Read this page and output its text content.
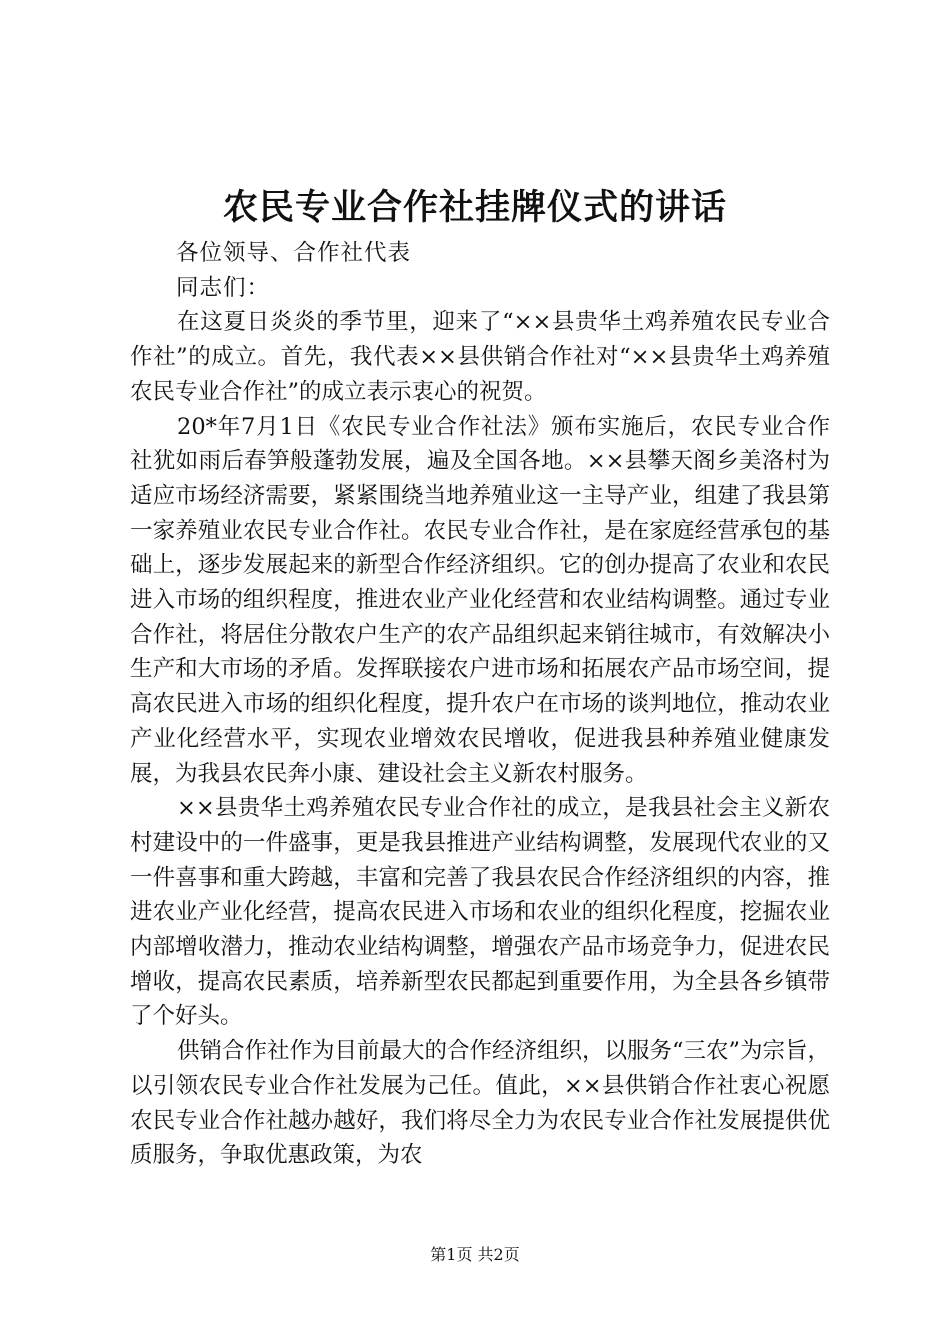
农民专业合作社挂牌仪式的讲话

各位领导、合作社代表

同志们：

在这夏日炎炎的季节里，迎来了“××县贵华土鸡养殖农民专业合作社”的成立。首先，我代表××县供销合作社对“××县贵华土鸡养殖农民专业合作社”的成立表示衷心的祝贺。

20*年7月1日《农民专业合作社法》颁布实施后，农民专业合作社犹如雨后春笋般蓬勃发展，遍及全国各地。××县攀天阁乡美洛村为适应市场经济需要，紧紧围绕当地养殖业这一主导产业，组建了我县第一家养殖业农民专业合作社。农民专业合作社，是在家庭经营承包的基础上，逐步发展起来的新型合作经济组织。它的创办提高了农业和农民进入市场的组织程度，推进农业产业化经营和农业结构调整。通过专业合作社，将居住分散农户生产的农产品组织起来销往城市，有效解决小生产和大市场的矛盾。发挥联接农户进市场和拓展农产品市场空间，提高农民进入市场的组织化程度，提升农户在市场的谈判地位，推动农业产业化经营水平，实现农业增效农民增收，促进我县种养殖业健康发展，为我县农民奔小康、建设社会主义新农村服务。

××县贵华土鸡养殖农民专业合作社的成立，是我县社会主义新农村建设中的一件盛事，更是我县推进产业结构调整，发展现代农业的又一件喜事和重大跨越，丰富和完善了我县农民合作经济组织的内容，推进农业产业化经营，提高农民进入市场和农业的组织化程度，挖掘农业内部增收潜力，推动农业结构调整，增强农产品市场竞争力，促进农民增收，提高农民素质，培养新型农民都起到重要作用，为全县各乡镇带了个好头。

供销合作社作为目前最大的合作经济组织，以服务“三农”为宗旨，以引领农民专业合作社发展为己任。值此，××县供销合作社衷心祝愿农民专业合作社越办越好，我们将尽全力为农民专业合作社发展提供优质服务，争取优惠政策，为农

第1页 共2页
